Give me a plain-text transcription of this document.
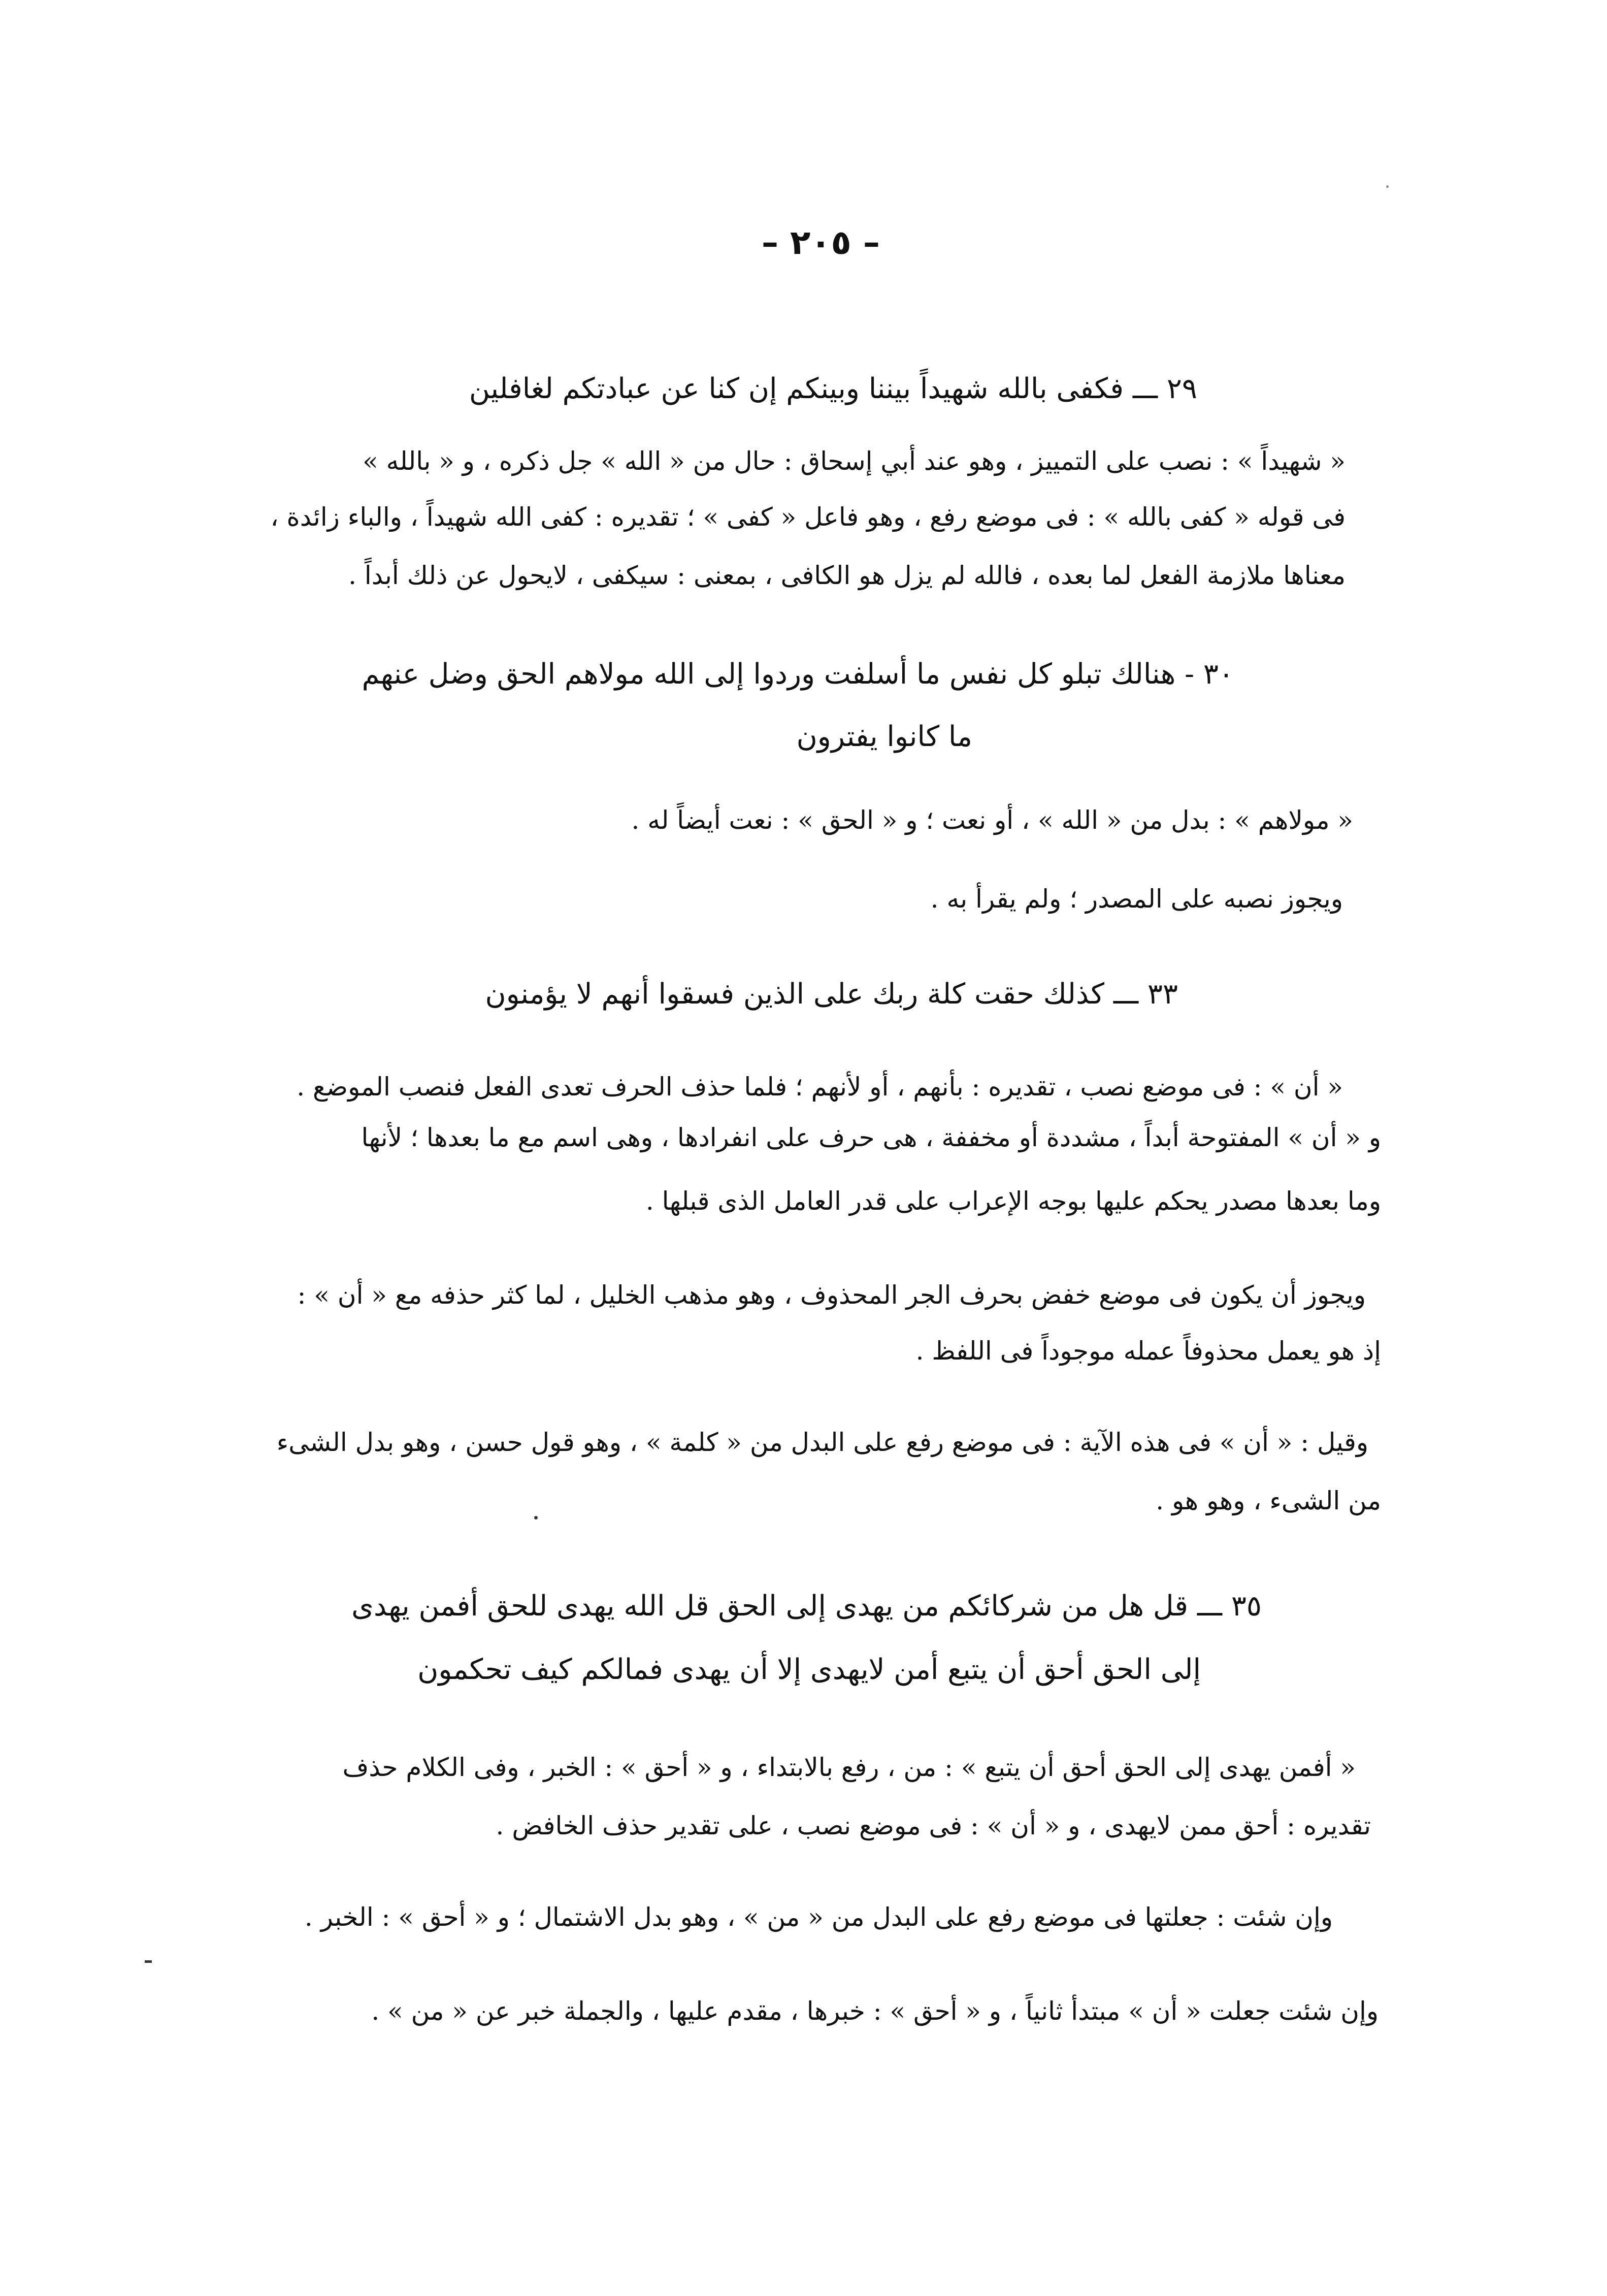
– ٢٠٥ –
٢٩ ـــ فكفى بالله شهيداً بيننا وبينكم إن كنا عن عبادتكم لغافلين
« شهيداً » : نصب على التمييز ، وهو عند أبي إسحاق : حال من « الله » جل ذكره ، و « بالله »
فى قوله « كفى بالله » : فى موضع رفع ، وهو فاعل « كفى » ؛ تقديره : كفى الله شهيداً ، والباء زائدة ،
معناها ملازمة الفعل لما بعده ، فالله لم يزل هو الكافى ، بمعنى : سيكفى ، لايحول عن ذلك أبداً .
٣٠ - هنالك تبلو كل نفس ما أسلفت وردوا إلى الله مولاهم الحق وضل عنهم
ما كانوا يفترون
« مولاهم » : بدل من « الله » ، أو نعت ؛ و « الحق » : نعت أيضاً له .
ويجوز نصبه على المصدر ؛ ولم يقرأ به .
٣٣ ـــ كذلك حقت كلة ربك على الذين فسقوا أنهم لا يؤمنون
« أن » : فى موضع نصب ، تقديره : بأنهم ، أو لأنهم ؛ فلما حذف الحرف تعدى الفعل فنصب الموضع .
و « أن » المفتوحة أبداً ، مشددة أو مخففة ، هى حرف على انفرادها ، وهى اسم مع ما بعدها ؛ لأنها
وما بعدها مصدر يحكم عليها بوجه الإعراب على قدر العامل الذى قبلها .
ويجوز أن يكون فى موضع خفض بحرف الجر المحذوف ، وهو مذهب الخليل ، لما كثر حذفه مع « أن » :
إذ هو يعمل محذوفاً عمله موجوداً فى اللفظ .
وقيل : « أن » فى هذه الآية : فى موضع رفع على البدل من « كلمة » ، وهو قول حسن ، وهو بدل الشىء
من الشىء ، وهو هو .
٣٥ ـــ قل هل من شركائكم من يهدى إلى الحق قل الله يهدى للحق أفمن يهدى
إلى الحق أحق أن يتبع أمن لايهدى إلا أن يهدى فمالكم كيف تحكمون
« أفمن يهدى إلى الحق أحق أن يتبع » : من ، رفع بالابتداء ، و « أحق » : الخبر ، وفى الكلام حذف
تقديره : أحق ممن لايهدى ، و « أن » : فى موضع نصب ، على تقدير حذف الخافض .
وإن شئت : جعلتها فى موضع رفع على البدل من « من » ، وهو بدل الاشتمال ؛ و « أحق » : الخبر .
وإن شئت جعلت « أن » مبتدأ ثانياً ، و « أحق » : خبرها ، مقدم عليها ، والجملة خبر عن « من » .
